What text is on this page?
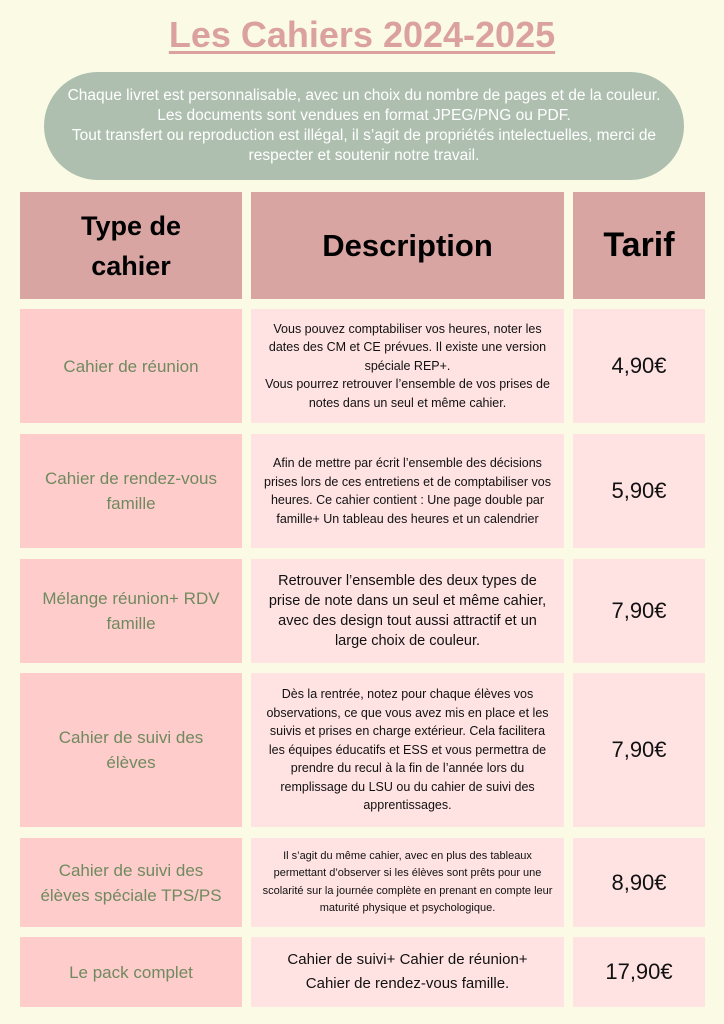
Les Cahiers 2024-2025
Chaque livret est personnalisable, avec un choix du nombre de pages et de la couleur. Les documents sont vendues en format JPEG/PNG ou PDF.
Tout transfert ou reproduction est illégal, il s’agit de propriétés intelectuelles, merci de respecter et soutenir notre travail.
Type de cahier
Description	Tarif
Cahier de réunion
Vous pouvez comptabiliser vos heures, noter les dates des CM et CE prévues. Il existe une version spéciale REP+.
Vous pourrez retrouver l’ensemble de vos prises de notes dans un seul et même cahier.
4,90€
Cahier de rendez-vous famille
Afin de mettre par écrit l’ensemble des décisions prises lors de ces entretiens et de comptabiliser vos heures. Ce cahier contient : Une page double par famille+ Un tableau des heures et un calendrier
5,90€
Mélange réunion+ RDV famille
Retrouver l’ensemble des deux types de prise de note dans un seul et même cahier, avec des design tout aussi attractif et un large choix de couleur.
7,90€
Cahier de suivi des élèves
Dès la rentrée, notez pour chaque élèves vos observations, ce que vous avez mis en place et les suivis et prises en charge extérieur. Cela facilitera les équipes éducatifs et ESS et vous permettra de prendre du recul à la fin de l’année lors du remplissage du LSU ou du cahier de suivi des apprentissages.
7,90€
Cahier de suivi des élèves spéciale TPS/PS
Il s’agit du même cahier, avec en plus des tableaux permettant d’observer si les élèves sont prêts pour une scolarité sur la journée complète en prenant en compte leur maturité physique et psychologique.
8,90€
Le pack complet
Cahier de suivi+ Cahier de réunion+ Cahier de rendez-vous famille.	17,90€
